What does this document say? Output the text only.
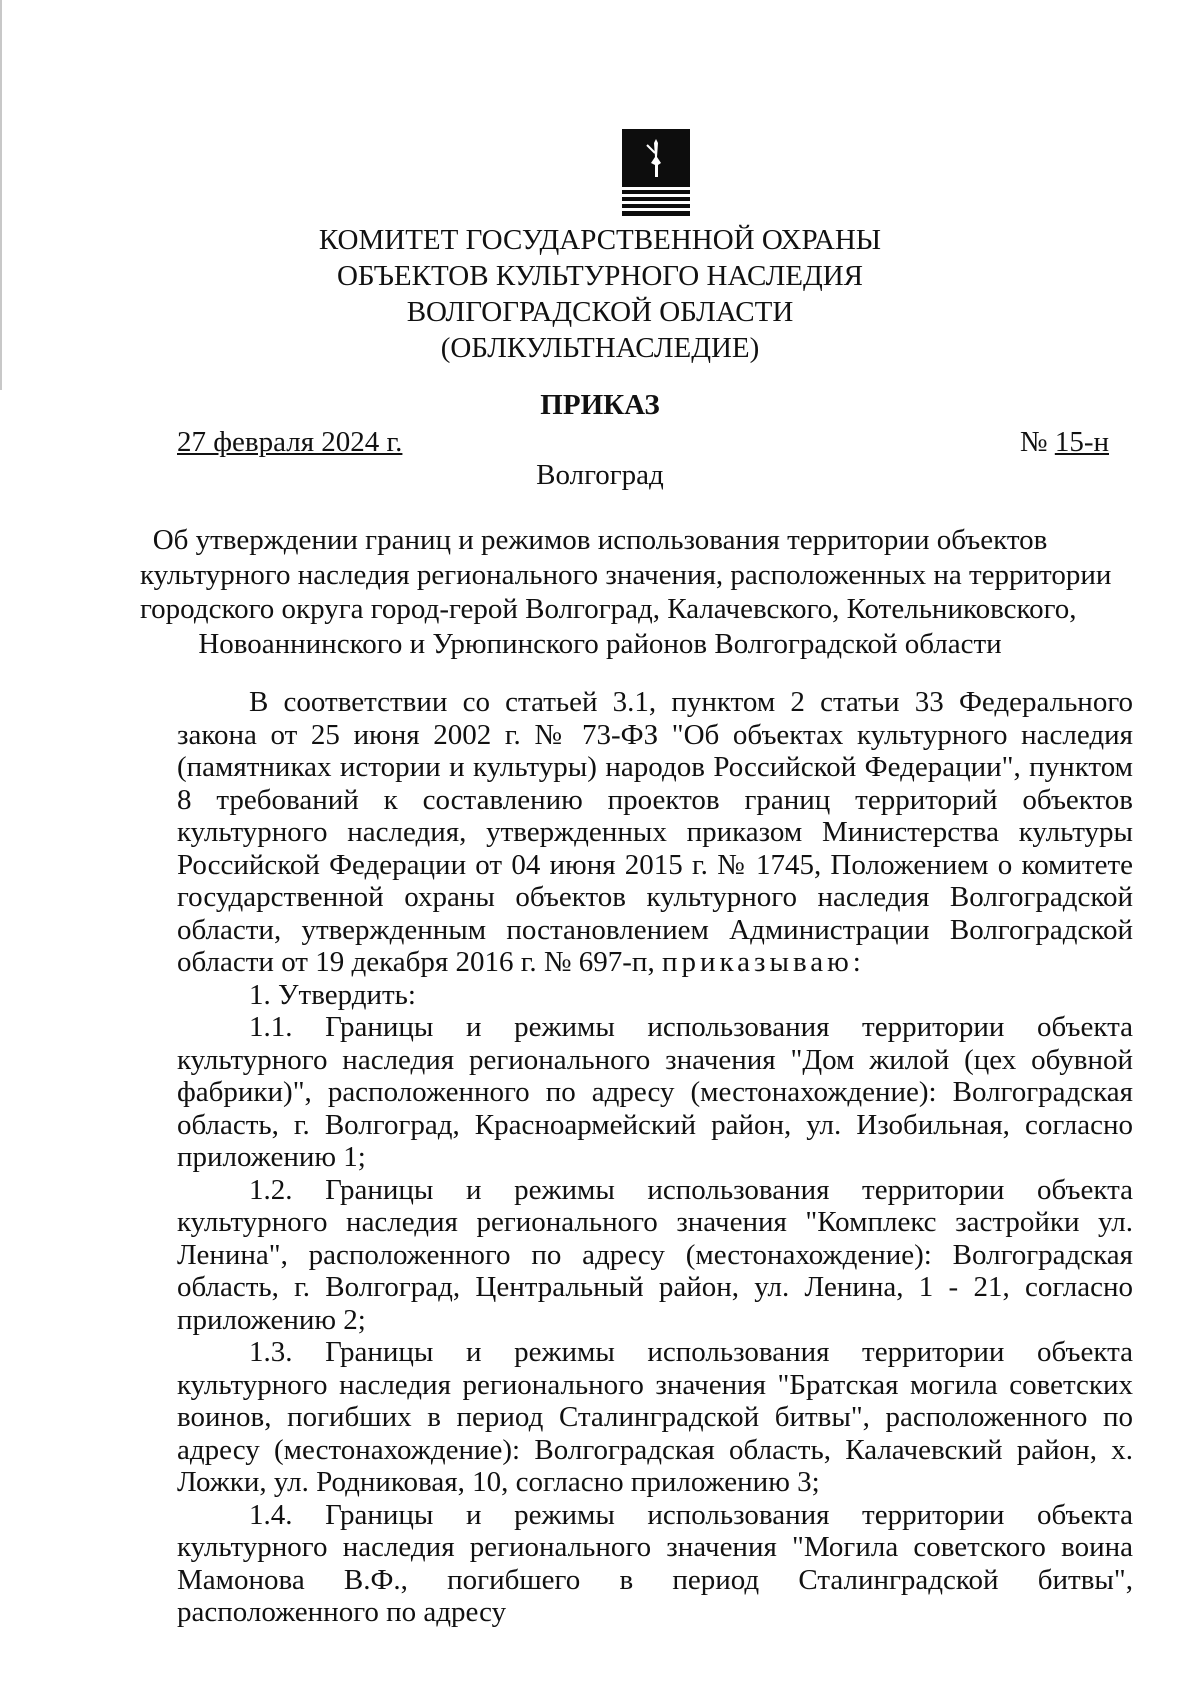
КОМИТЕТ ГОСУДАРСТВЕННОЙ ОХРАНЫ
ОБЪЕКТОВ КУЛЬТУРНОГО НАСЛЕДИЯ
ВОЛГОГРАДСКОЙ ОБЛАСТИ
(ОБЛКУЛЬТНАСЛЕДИЕ)
ПРИКАЗ
27 февраля 2024 г.	№ 15-н
Волгоград
Об утверждении границ и режимов использования территории объектов
культурного наследия регионального значения, расположенных на территории
городского округа город-герой Волгоград, Калачевского, Котельниковского,
Новоаннинского и Урюпинского районов Волгоградской области

В соответствии со статьей 3.1, пунктом 2 статьи 33 Федерального закона от 25 июня 2002 г. № 73-ФЗ "Об объектах культурного наследия (памятниках истории и культуры) народов Российской Федерации", пунктом 8 требований к составлению проектов границ территорий объектов культурного наследия, утвержденных приказом Министерства культуры Российской Федерации от 04 июня 2015 г. № 1745, Положением о комитете государственной охраны объектов культурного наследия Волгоградской области, утвержденным постановлением Администрации Волгоградской области от 19 декабря 2016 г. № 697-п, приказываю:

1. Утвердить:

1.1. Границы и режимы использования территории объекта культурного наследия регионального значения "Дом жилой (цех обувной фабрики)", расположенного по адресу (местонахождение): Волгоградская область, г. Волгоград, Красноармейский район, ул. Изобильная, согласно приложению 1;

1.2. Границы и режимы использования территории объекта культурного наследия регионального значения "Комплекс застройки ул. Ленина", расположенного по адресу (местонахождение): Волгоградская область, г. Волгоград, Центральный район, ул. Ленина, 1 - 21, согласно приложению 2;

1.3. Границы и режимы использования территории объекта культурного наследия регионального значения "Братская могила советских воинов, погибших в период Сталинградской битвы", расположенного по адресу (местонахождение): Волгоградская область, Калачевский район, х. Ложки, ул. Родниковая, 10, согласно приложению 3;

1.4. Границы и режимы использования территории объекта культурного наследия регионального значения "Могила советского воина Мамонова В.Ф., погибшего в период Сталинградской битвы", расположенного по адресу
